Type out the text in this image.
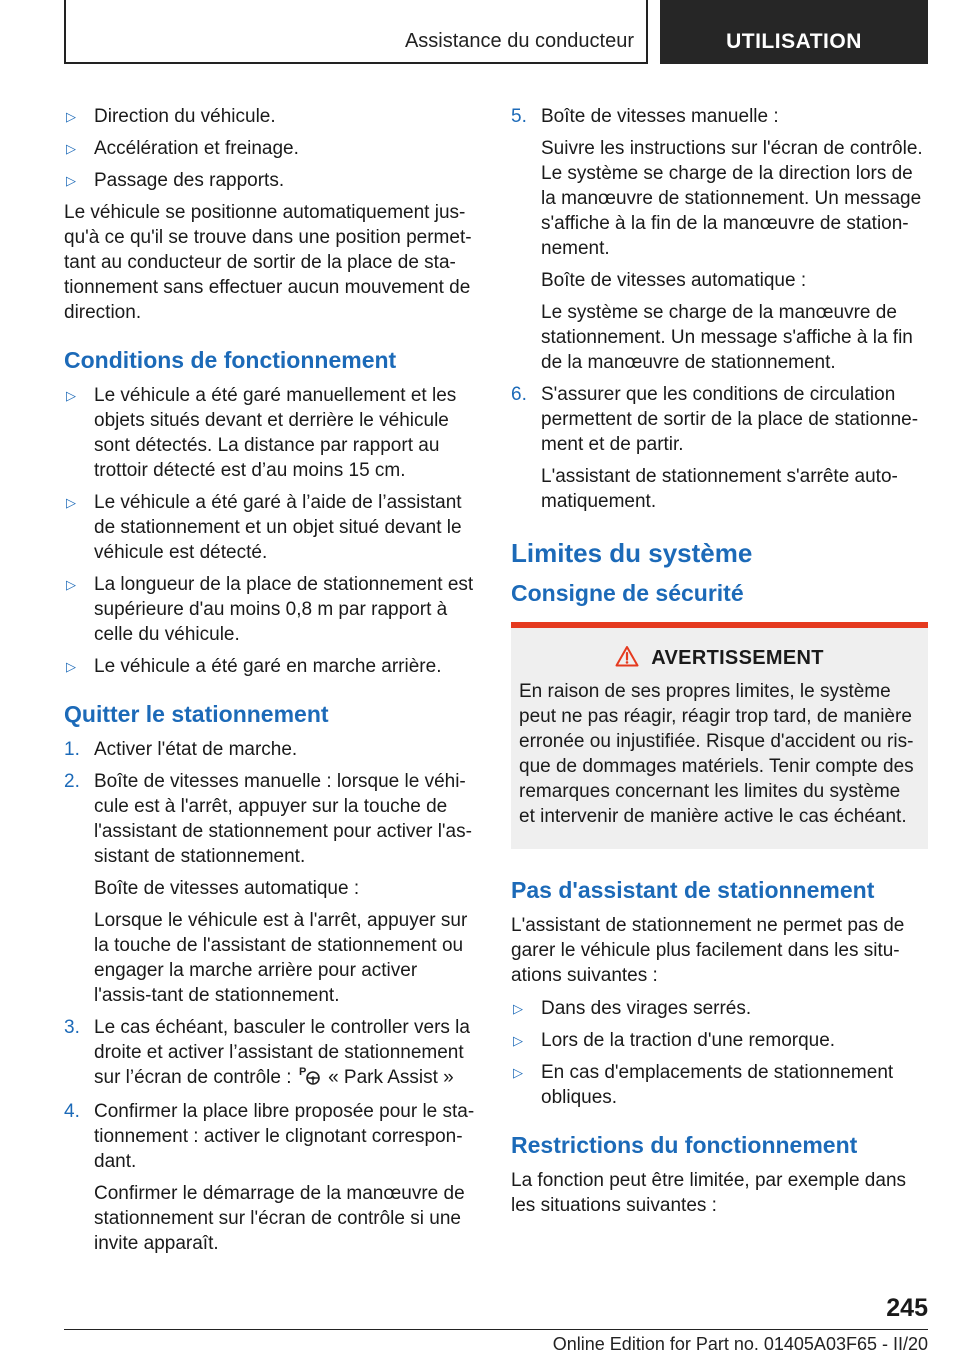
Assistance du conducteur	UTILISATION
▷ Direction du véhicule.
▷ Accélération et freinage.
▷ Passage des rapports.

Le véhicule se positionne automatiquement jus-qu'à ce qu'il se trouve dans une position permet-tant au conducteur de sortir de la place de sta-tionnement sans effectuer aucun mouvement de direction.

Conditions de fonctionnement
▷ Le véhicule a été garé manuellement et les objets situés devant et derrière le véhicule sont détectés. La distance par rapport au trottoir détecté est d’au moins 15 cm.
▷ Le véhicule a été garé à l’aide de l’assistant de stationnement et un objet situé devant le véhicule est détecté.
▷ La longueur de la place de stationnement est supérieure d'au moins 0,8 m par rapport à celle du véhicule.
▷ Le véhicule a été garé en marche arrière.
Quitter le stationnement
1. Activer l'état de marche.
2. Boîte de vitesses manuelle : lorsque le véhi-cule est à l'arrêt, appuyer sur la touche de l'assistant de stationnement pour activer l'as-sistant de stationnement.

Boîte de vitesses automatique :

Lorsque le véhicule est à l'arrêt, appuyer sur la touche de l'assistant de stationnement ou engager la marche arrière pour activer l'assis-tant de stationnement.

3. Le cas échéant, basculer le controller vers la droite et activer l’assistant de stationnement sur l’écran de contrôle : P « Park Assist »
4. Confirmer la place libre proposée pour le sta-tionnement : activer le clignotant correspon-dant.

Confirmer le démarrage de la manœuvre de stationnement sur l'écran de contrôle si une invite apparaît.

5. Boîte de vitesses manuelle :

Suivre les instructions sur l'écran de contrôle. Le système se charge de la direction lors de la manœuvre de stationnement. Un message s'affiche à la fin de la manœuvre de station-nement.

Boîte de vitesses automatique :

Le système se charge de la manœuvre de stationnement. Un message s'affiche à la fin de la manœuvre de stationnement.

6. S'assurer que les conditions de circulation permettent de sortir de la place de stationne-ment et de partir.

L'assistant de stationnement s'arrête auto-matiquement.

Limites du système
Consigne de sécurité
AVERTISSEMENT

En raison de ses propres limites, le système peut ne pas réagir, réagir trop tard, de manière erronée ou injustifiée. Risque d'accident ou ris-que de dommages matériels. Tenir compte des remarques concernant les limites du système et intervenir de manière active le cas échéant.

Pas d'assistant de stationnement

L'assistant de stationnement ne permet pas de garer le véhicule plus facilement dans les situ-ations suivantes :

▷ Dans des virages serrés.
▷ Lors de la traction d'une remorque.
▷ En cas d'emplacements de stationnement obliques.
Restrictions du fonctionnement

La fonction peut être limitée, par exemple dans les situations suivantes :

245
Online Edition for Part no. 01405A03F65 - II/20
